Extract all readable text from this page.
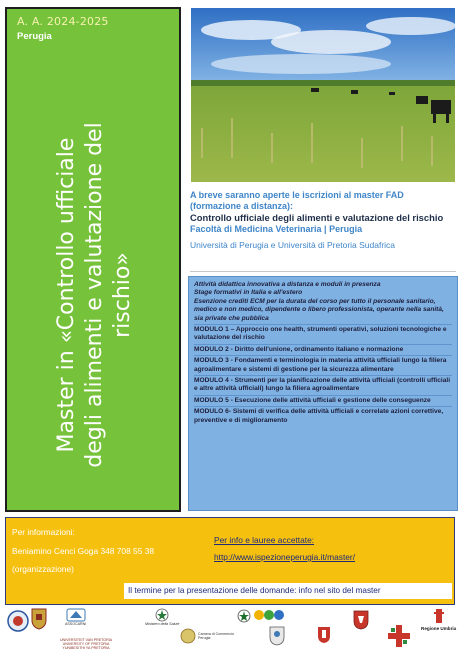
A. A. 2024-2025
Perugia
Master in «Controllo ufficiale degli alimenti e valutazione del rischio»
A breve saranno aperte le iscrizioni al master FAD (formazione a distanza):
Controllo ufficiale degli alimenti e valutazione del rischio
Facoltà di Medicina Veterinaria | Perugia
Università di Perugia e Università di Pretoria Sudafrica
Attività didattica innovativa a distanza e moduli in presenza
Stage formativi in Italia e all'estero
Esenzione crediti ECM per la durata del corso per tutto il personale sanitario, medico e non medico, dipendente o libero professionista, operante nella sanità, sia private che pubblica
MODULO 1 – Approccio one health, strumenti operativi, soluzioni tecnologiche e valutazione del rischio
MODULO 2 - Diritto dell'unione, ordinamento italiano e normazione
MODULO 3 - Fondamenti e terminologia in materia attività ufficiali lungo la filiera agroalimentare e sistemi di gestione per la sicurezza alimentare
MODULO 4 - Strumenti per la pianificazione delle attività ufficiali (controlli ufficiali e altre attività ufficiali) lungo la filiera agroalimentare
MODULO 5 - Esecuzione delle attività ufficiali e gestione delle conseguenze
MODULO 6- Sistemi di verifica delle attività ufficiali e correlate azioni correttive, preventive e di miglioramento
Per informazioni:
Beniamino Cenci Goga 348 708 55 38
(organizzazione)
Per info e lauree accettate:
http://www.ispezioneperugia.it/master/
Il termine per la presentazione delle domande: info nel sito del master
UNIVERSITEIT VAN PRETORIA UNIVERSITY OF PRETORIA YUNIBESITHI YA PRETORIA
ASSOCARNI	Ministero della Salute
Camera di Commercio Perugia
Regione Umbria
